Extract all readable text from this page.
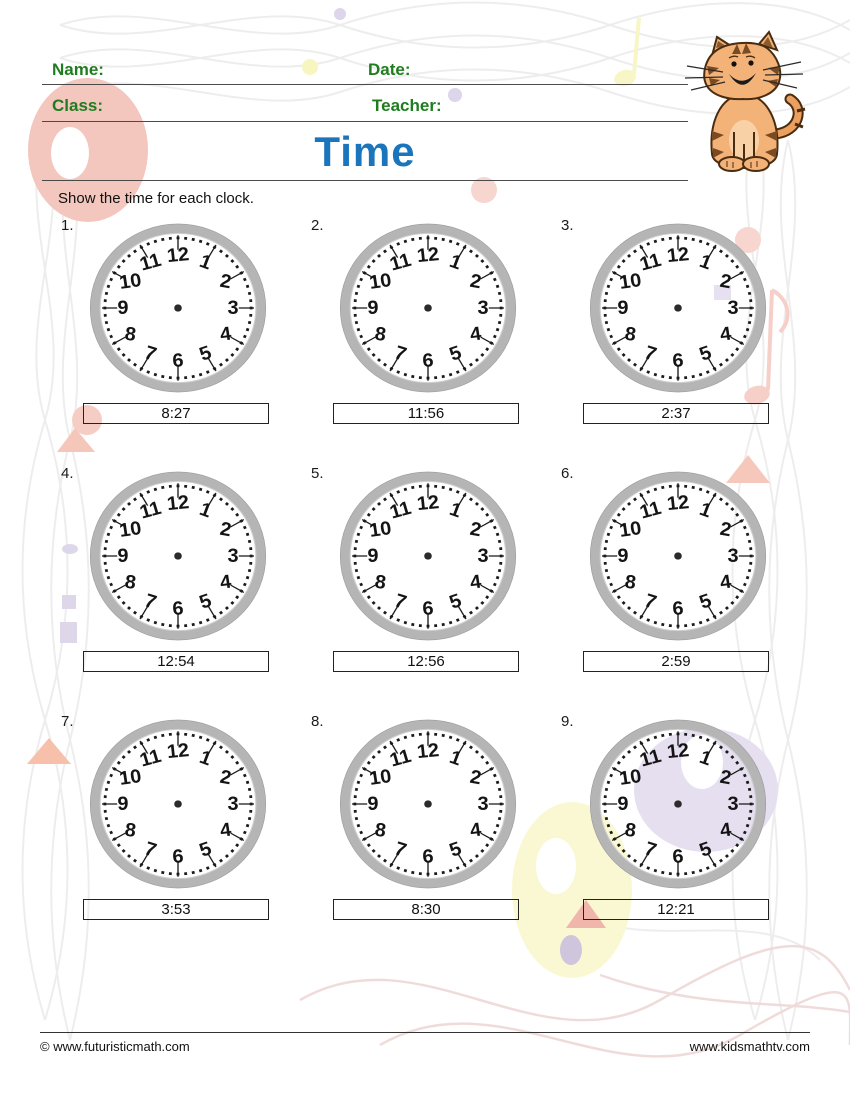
Name:	Date:
Class:	Teacher:
Time
Show the time for each clock.
1.
1
2
3
4
5
6
7
8
9
10
11 12
8:27
2.
1
2
3
4
5
6
7
8
9
10
11 12
11:56
3.
1
2
3
4
5
6
7
8
9
10
11 12
2:37
4.
1
2
3
4
5
6
7
8
9
10
11 12
12:54
5.
1
2
3
4
5
6
7
8
9
10
11 12
12:56
6.
1
2
3
4
5
6
7
8
9
10
11 12
2:59
7.
1
2
3
4
5
6
7
8
9
10
11 12
3:53
8.
1
2
3
4
5
6
7
8
9
10
11 12
8:30
9.
1
2
3
4
5
6
7
8
9
10
11 12
12:21
© www.futuristicmath.com	www.kidsmathtv.com
